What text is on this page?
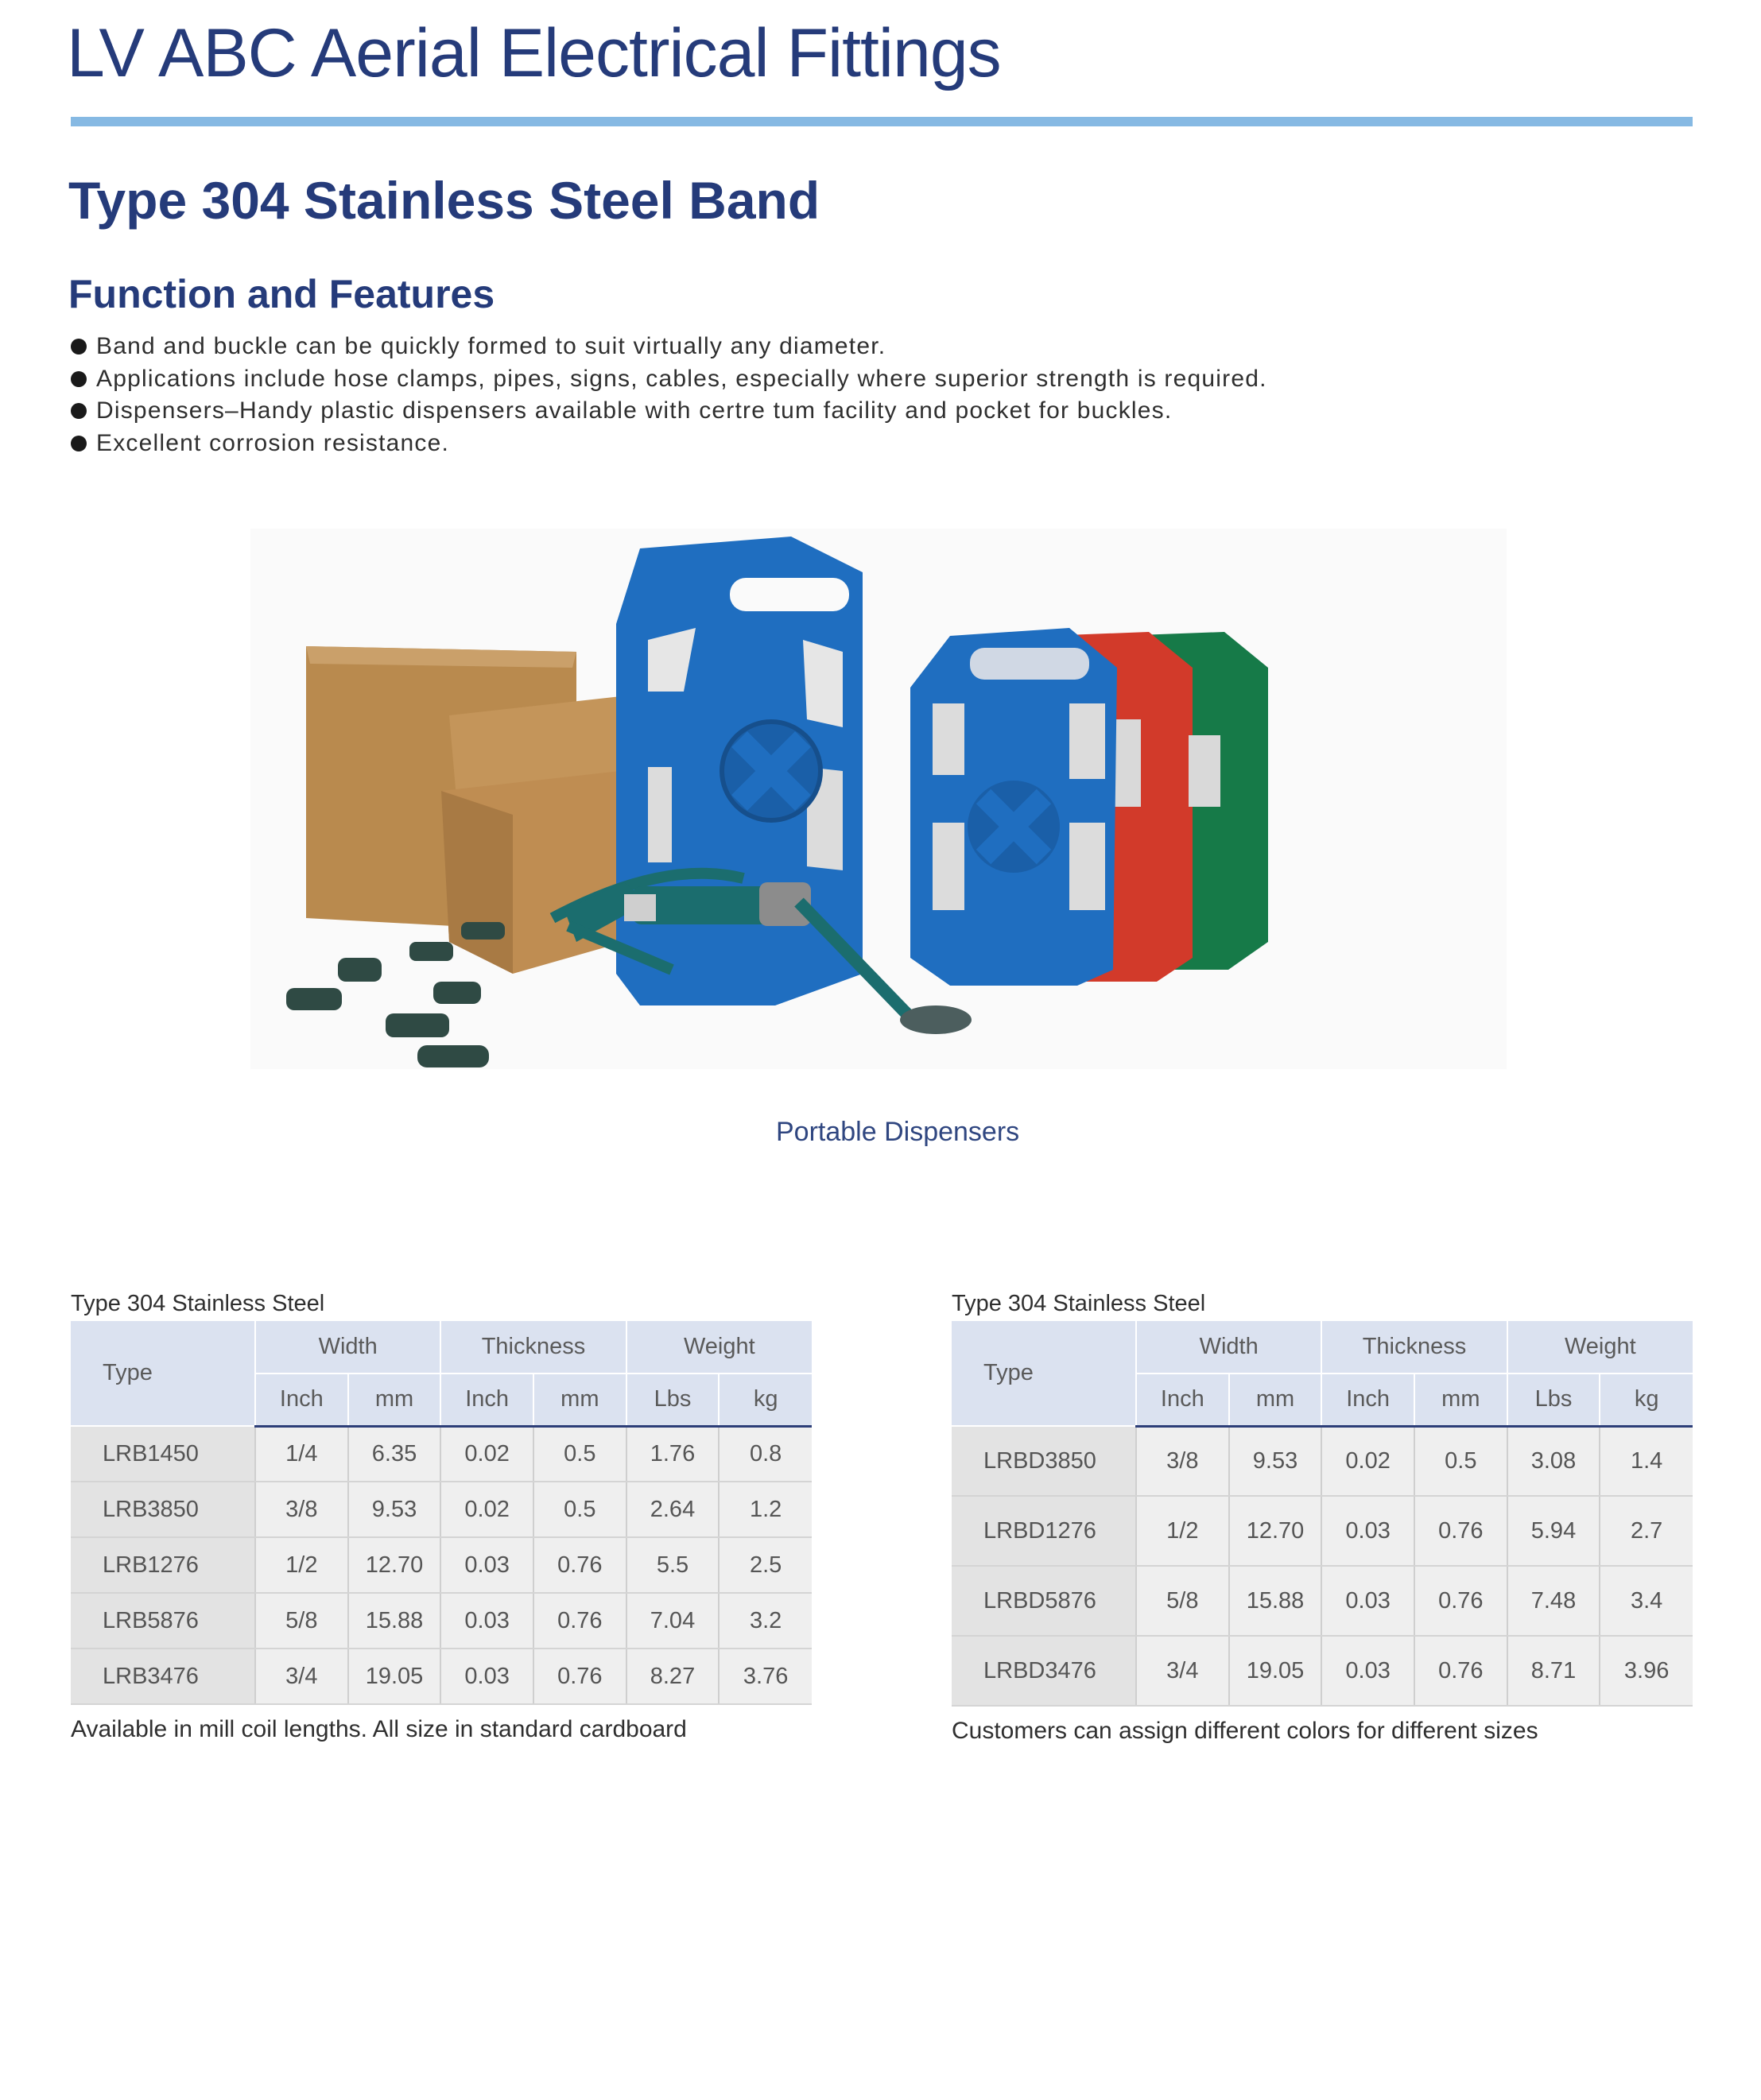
LV ABC Aerial Electrical Fittings
Type 304 Stainless Steel Band
Function and Features
Band and buckle can be quickly formed to suit virtually any diameter.
Applications include hose clamps, pipes, signs, cables, especially where superior strength is required.
Dispensers–Handy plastic dispensers available with certre tum facility and pocket for buckles.
Excellent corrosion resistance.
Portable Dispensers
Type 304 Stainless Steel
Type	Width		Thickness		Weight	
	Inch	mm	Inch	mm	Lbs	kg
LRB1450	1/4	6.35	0.02	0.5	1.76	0.8
LRB3850	3/8	9.53	0.02	0.5	2.64	1.2
LRB1276	1/2	12.70	0.03	0.76	5.5	2.5
LRB5876	5/8	15.88	0.03	0.76	7.04	3.2
LRB3476	3/4	19.05	0.03	0.76	8.27	3.76
Available in mill coil lengths. All size in standard cardboard
Type 304 Stainless Steel
Type	Width		Thickness		Weight	
	Inch	mm	Inch	mm	Lbs	kg
LRBD3850	3/8	9.53	0.02	0.5	3.08	1.4
LRBD1276	1/2	12.70	0.03	0.76	5.94	2.7
LRBD5876	5/8	15.88	0.03	0.76	7.48	3.4
LRBD3476	3/4	19.05	0.03	0.76	8.71	3.96
Customers can assign different colors for different sizes
